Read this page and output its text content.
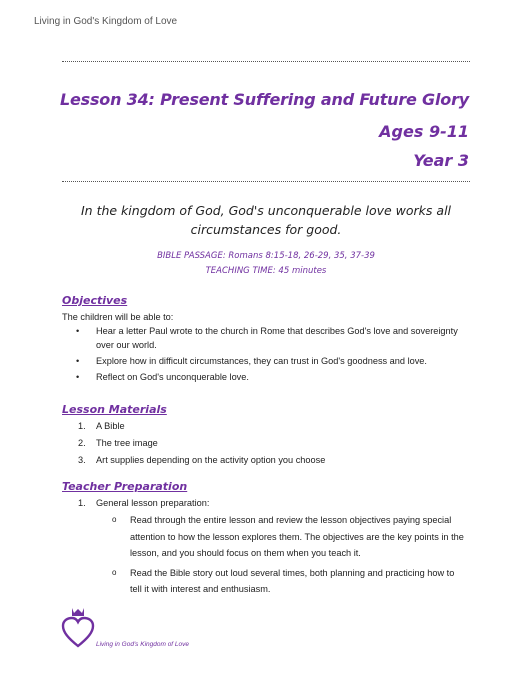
Living in God's Kingdom of Love
Lesson 34: Present Suffering and Future Glory
Ages 9-11
Year 3
In the kingdom of God, God's unconquerable love works all circumstances for good.
BIBLE PASSAGE: Romans 8:15-18, 26-29, 35, 37-39
TEACHING TIME: 45 minutes
Objectives
The children will be able to:
• Hear a letter Paul wrote to the church in Rome that describes God's love and sovereignty over our world.
• Explore how in difficult circumstances, they can trust in God's goodness and love.
• Reflect on God's unconquerable love.
Lesson Materials
1. A Bible
2. The tree image
3. Art supplies depending on the activity option you choose
Teacher Preparation
1. General lesson preparation:
o Read through the entire lesson and review the lesson objectives paying special attention to how the lesson explores them. The objectives are the key points in the lesson, and you should focus on them when you teach it.
o Read the Bible story out loud several times, both planning and practicing how to tell it with interest and enthusiasm.
Living in God's Kingdom of Love
